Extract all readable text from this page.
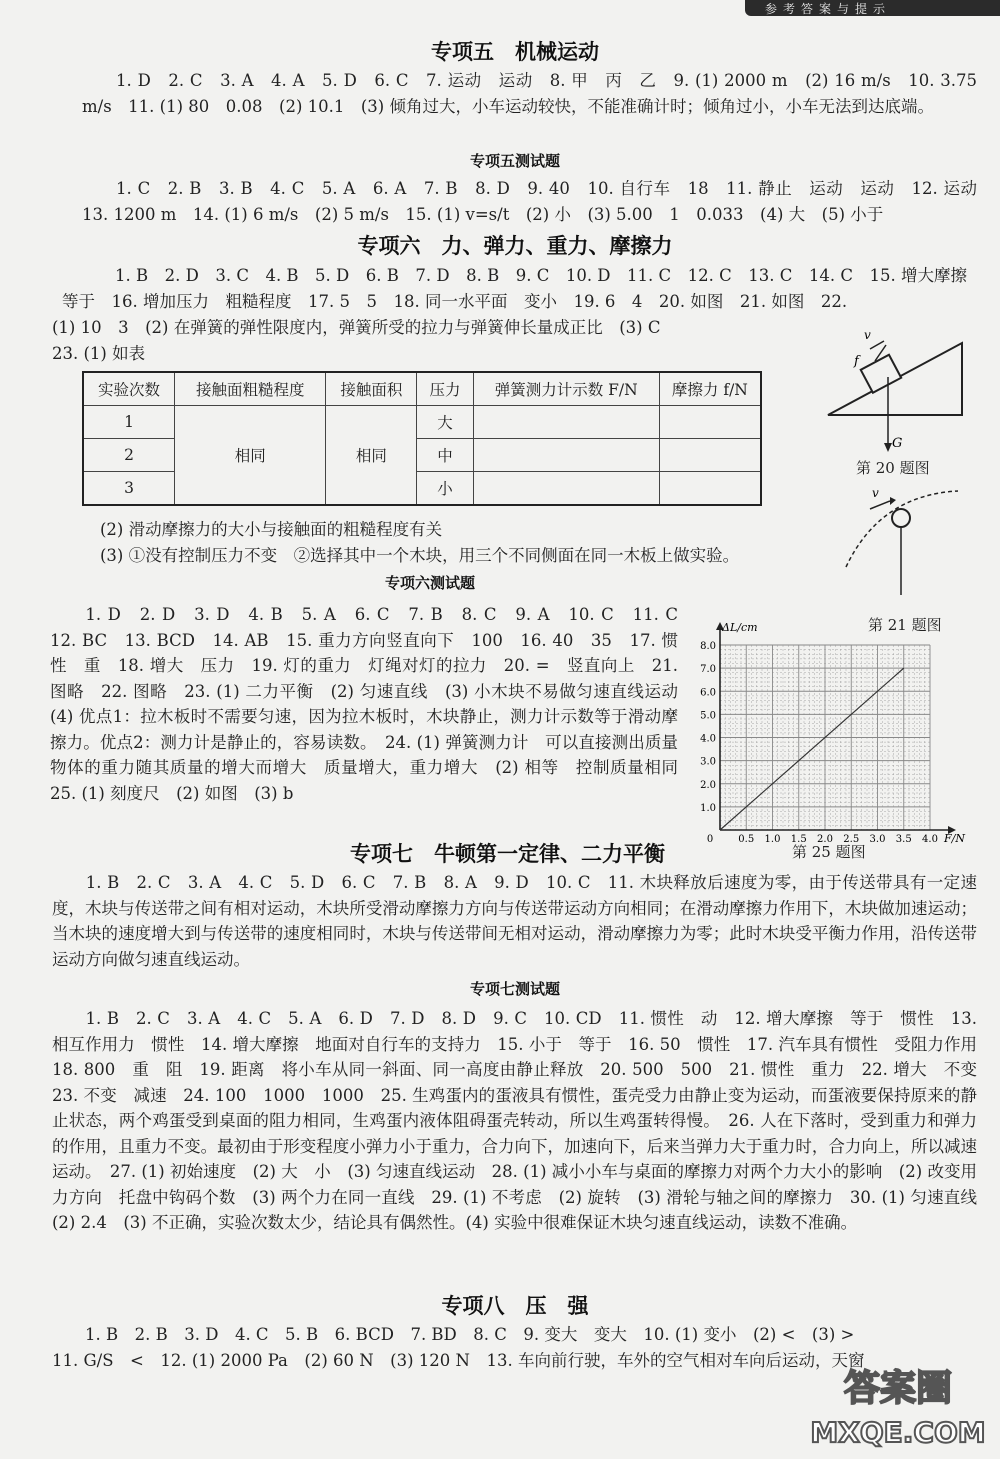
参考答案与提示
专项五　机械运动
　　1. D　2. C　3. A　4. A　5. D　6. C　7. 运动　运动　8. 甲　丙　乙　9. (1) 2000 m　(2) 16 m/s　10. 3.75 m/s　11. (1) 80　0.08　(2) 10.1　(3) 倾角过大，小车运动较快，不能准确计时；倾角过小，小车无法到达底端。
专项五测试题
　　1. C　2. B　3. B　4. C　5. A　6. A　7. B　8. D　9. 40　10. 自行车　18　11. 静止　运动　运动　12. 运动　13. 1200 m　14. (1) 6 m/s　(2) 5 m/s　15. (1) v=s/t　(2) 小　(3) 5.00　1　0.033　(4) 大　(5) 小于
专项六　力、弹力、重力、摩擦力
　　1. B　2. D　3. C　4. B　5. D　6. B　7. D　8. B　9. C　10. D　11. C　12. C　13. C　14. C　15. 增大摩擦
等于　16. 增加压力　粗糙程度　17. 5　5　18. 同一水平面　变小　19. 6　4　20. 如图　21. 如图　22.
(1) 10　3　(2) 在弹簧的弹性限度内，弹簧所受的拉力与弹簧伸长量成正比　(3) C
23. (1) 如表
实验次数	接触面粗糙程度	接触面积	压力	弹簧测力计示数 F/N	摩擦力 f/N
1	相同	相同	大		
2			中		
3			小		
(2) 滑动摩擦力的大小与接触面的粗糙程度有关
(3) ①没有控制压力不变　②选择其中一个木块，用三个不同侧面在同一木板上做实验。
专项六测试题
　　1. D　2. D　3. D　4. B　5. A　6. C　7. B　8. C　9. A　10. C　11. C　12. BC　13. BCD　14. AB　15. 重力方向竖直向下　100　16. 40　35　17. 惯性　重　18. 增大　压力　19. 灯的重力　灯绳对灯的拉力　20. =　竖直向上　21. 图略　22. 图略　23. (1) 二力平衡　(2) 匀速直线　(3) 小木块不易做匀速直线运动　(4) 优点1：拉木板时不需要匀速，因为拉木板时，木块静止，测力计示数等于滑动摩擦力。优点2：测力计是静止的，容易读数。　24. (1) 弹簧测力计　可以直接测出质量　物体的重力随其质量的增大而增大　质量增大，重力增大　(2) 相等　控制质量相同　25. (1) 刻度尺　(2) 如图　(3) b
G
f
v
第 20 题图
v
第 21 题图
0	0.5 1.0 1.5 2.0 2.5 3.0 3.5 4.0
1.0
2.0
3.0
4.0
5.0
6.0
7.0
8.0
ΔL/cm
F/N
第 25 题图
专项七　牛顿第一定律、二力平衡
　　1. B　2. C　3. A　4. C　5. D　6. C　7. B　8. A　9. D　10. C　11. 木块释放后速度为零，由于传送带具有一定速度，木块与传送带之间有相对运动，木块所受滑动摩擦力方向与传送带运动方向相同；在滑动摩擦力作用下，木块做加速运动；当木块的速度增大到与传送带的速度相同时，木块与传送带间无相对运动，滑动摩擦力为零；此时木块受平衡力作用，沿传送带运动方向做匀速直线运动。
专项七测试题
　　1. B　2. C　3. A　4. C　5. A　6. D　7. D　8. D　9. C　10. CD　11. 惯性　动　12. 增大摩擦　等于　惯性　13. 相互作用力　惯性　14. 增大摩擦　地面对自行车的支持力　15. 小于　等于　16. 50　惯性　17. 汽车具有惯性　受阻力作用　18. 800　重　阻　19. 距离　将小车从同一斜面、同一高度由静止释放　20. 500　500　21. 惯性　重力　22. 增大　不变　23. 不变　减速　24. 100　1000　1000　25. 生鸡蛋内的蛋液具有惯性，蛋壳受力由静止变为运动，而蛋液要保持原来的静止状态，两个鸡蛋受到桌面的阻力相同，生鸡蛋内液体阻碍蛋壳转动，所以生鸡蛋转得慢。　26. 人在下落时，受到重力和弹力的作用，且重力不变。最初由于形变程度小弹力小于重力，合力向下，加速向下，后来当弹力大于重力时，合力向上，所以减速运动。　27. (1) 初始速度　(2) 大　小　(3) 匀速直线运动　28. (1) 减小小车与桌面的摩擦力对两个力大小的影响　(2) 改变用力方向　托盘中钩码个数　(3) 两个力在同一直线　29. (1) 不考虑　(2) 旋转　(3) 滑轮与轴之间的摩擦力　30. (1) 匀速直线　(2) 2.4　(3) 不正确，实验次数太少，结论具有偶然性。(4) 实验中很难保证木块匀速直线运动，读数不准确。
专项八　压　强
　　1. B　2. B　3. D　4. C　5. B　6. BCD　7. BD　8. C　9. 变大　变大　10. (1) 变小　(2) <　(3) >
11. G/S　<　12. (1) 2000 Pa　(2) 60 N　(3) 120 N　13. 车向前行驶，车外的空气相对车向后运动，天窗
答案圈
MXQE.COM
